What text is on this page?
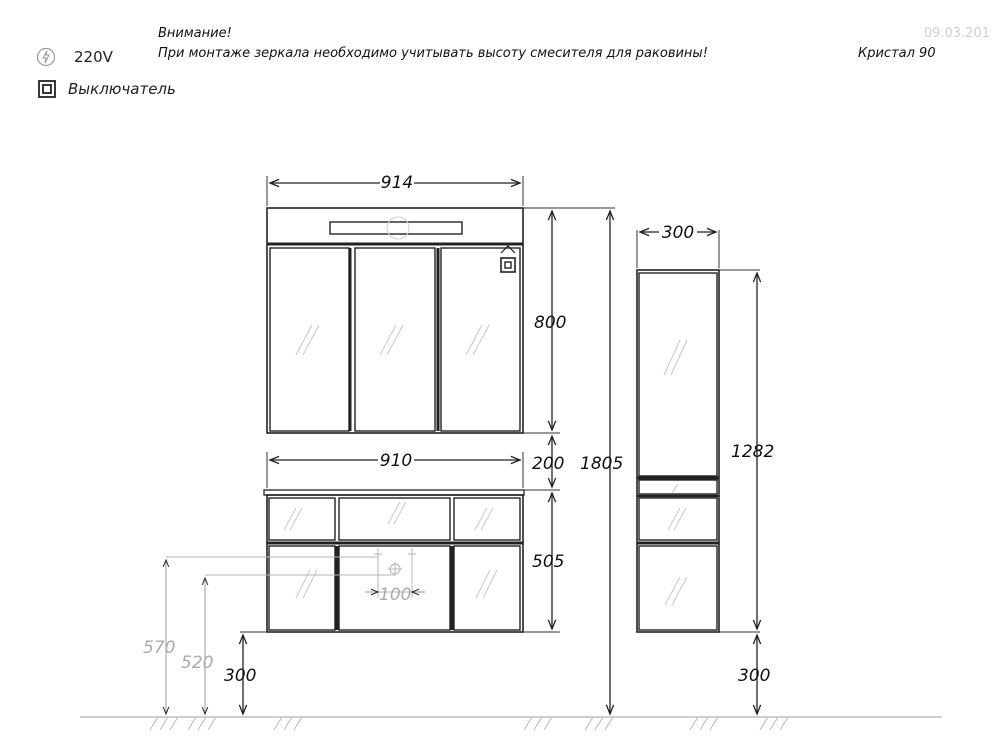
Внимание!
При монтаже зеркала необходимо учитывать высоту смесителя для раковины!	Кристал 90
09.03.201
220V
Выключатель
914
910
800
200 1805
505
300
570
520
100
300
1282
300
